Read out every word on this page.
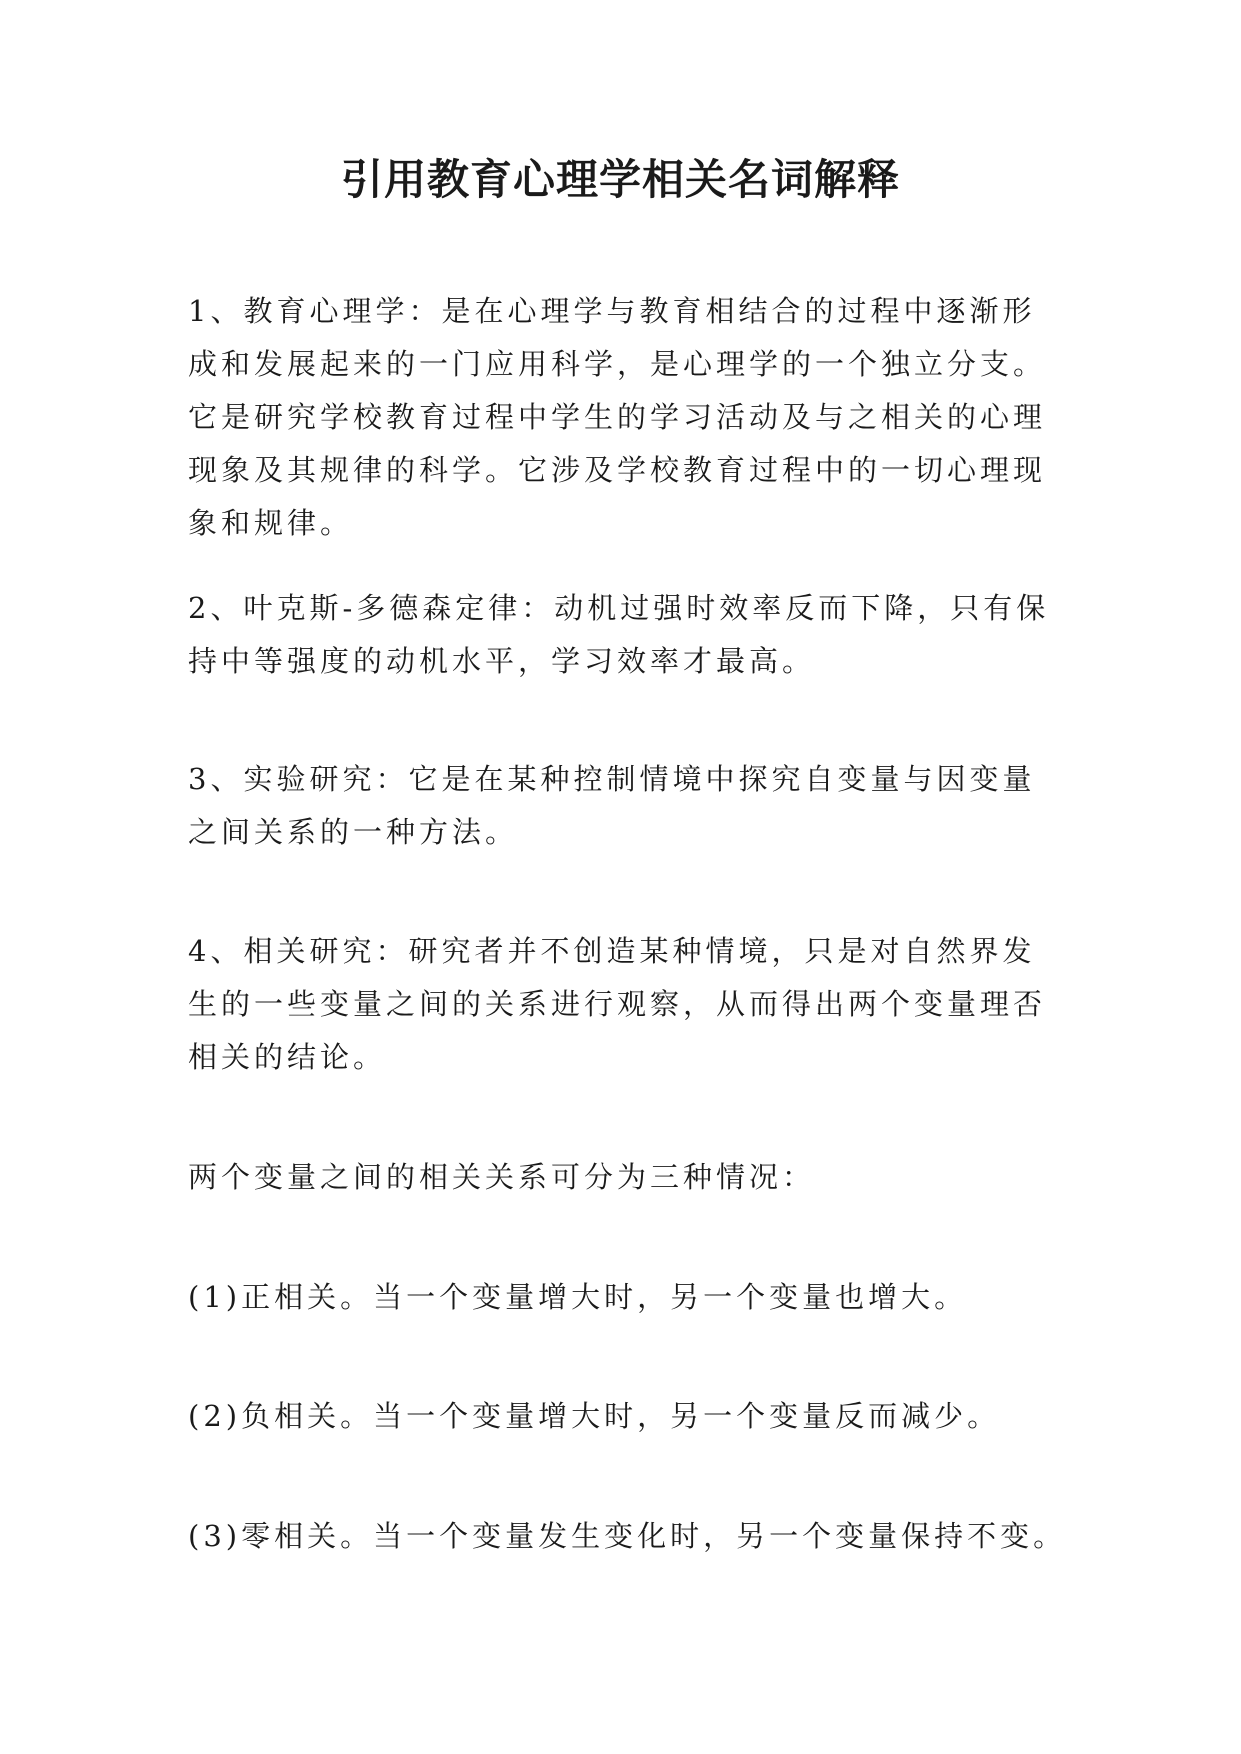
引用教育心理学相关名词解释

1、教育心理学：是在心理学与教育相结合的过程中逐渐形成和发展起来的一门应用科学，是心理学的一个独立分支。它是研究学校教育过程中学生的学习活动及与之相关的心理现象及其规律的科学。它涉及学校教育过程中的一切心理现象和规律。

2、叶克斯-多德森定律：动机过强时效率反而下降，只有保持中等强度的动机水平，学习效率才最高。

3、实验研究：它是在某种控制情境中探究自变量与因变量之间关系的一种方法。

4、相关研究：研究者并不创造某种情境，只是对自然界发生的一些变量之间的关系进行观察，从而得出两个变量理否相关的结论。

两个变量之间的相关关系可分为三种情况：

(1)正相关。当一个变量增大时，另一个变量也增大。

(2)负相关。当一个变量增大时，另一个变量反而减少。

(3)零相关。当一个变量发生变化时，另一个变量保持不变。
